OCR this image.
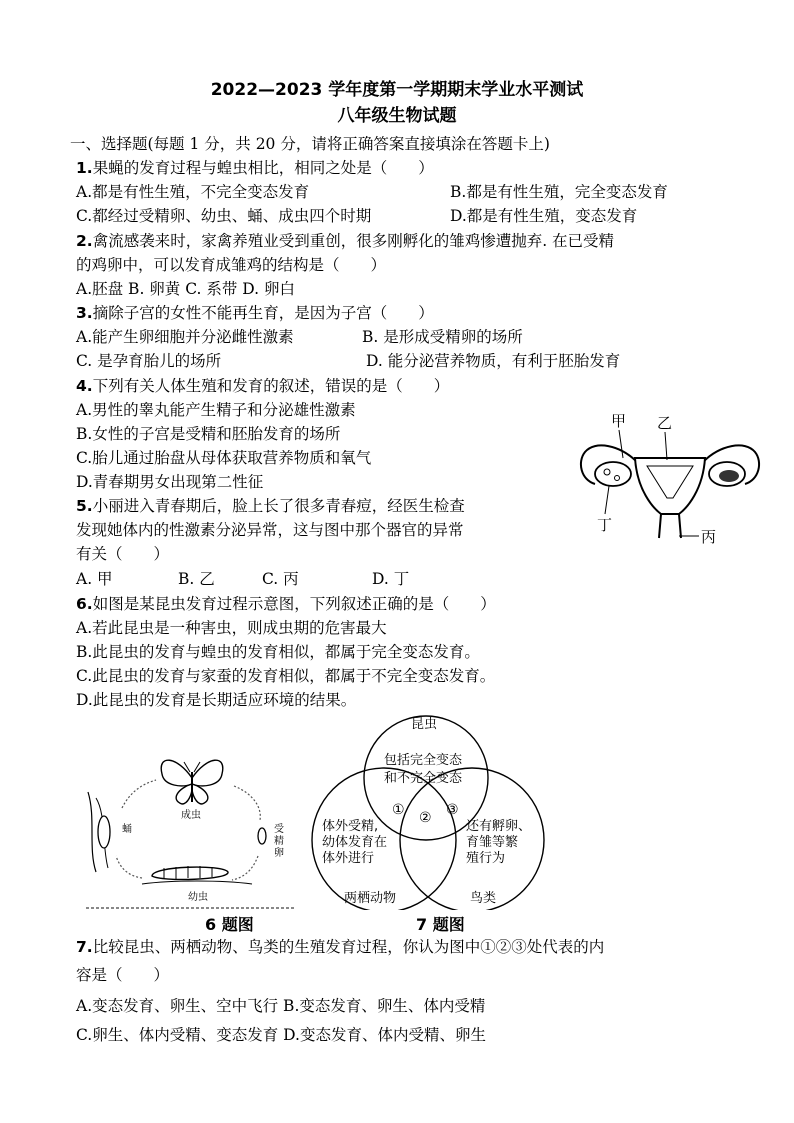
2022—2023 学年度第一学期期末学业水平测试
八年级生物试题
一、选择题(每题 1 分，共 20 分，请将正确答案直接填涂在答题卡上)
1.果蝇的发育过程与蝗虫相比，相同之处是（　　）
A.都是有性生殖，不完全变态发育	B.都是有性生殖，完全变态发育
C.都经过受精卵、幼虫、蛹、成虫四个时期	D.都是有性生殖，变态发育
2.禽流感袭来时，家禽养殖业受到重创，很多刚孵化的雏鸡惨遭抛弃. 在已受精
的鸡卵中，可以发育成雏鸡的结构是（　　）
A.胚盘 B. 卵黄 C. 系带 D. 卵白
3.摘除子宫的女性不能再生育，是因为子宫（　　）
A.能产生卵细胞并分泌雌性激素	B. 是形成受精卵的场所
C. 是孕育胎儿的场所	D. 能分泌营养物质，有利于胚胎发育
4.下列有关人体生殖和发育的叙述，错误的是（　　）
A.男性的睾丸能产生精子和分泌雄性激素
B.女性的子宫是受精和胚胎发育的场所
C.胎儿通过胎盘从母体获取营养物质和氧气
D.青春期男女出现第二性征
5.小丽进入青春期后，脸上长了很多青春痘，经医生检查
发现她体内的性激素分泌异常，这与图中那个器官的异常
有关（　　）
A. 甲	B. 乙	C. 丙	D. 丁
甲 乙
丁
丙
6.如图是某昆虫发育过程示意图，下列叙述正确的是（　　）
A.若此昆虫是一种害虫，则成虫期的危害最大
B.此昆虫的发育与蝗虫的发育相似，都属于完全变态发育。
C.此昆虫的发育与家蚕的发育相似，都属于不完全变态发育。
D.此昆虫的发育是长期适应环境的结果。
成虫
受精卵
幼虫
蛹
6 题图
昆虫
包括完全变态
和不完全变态
① ② ③
体外受精,
幼体发育在
体外进行
还有孵卵、
育雏等繁
殖行为
两栖动物	鸟类
7 题图
7.比较昆虫、两栖动物、鸟类的生殖发育过程，你认为图中①②③处代表的内
容是（　　）
A.变态发育、卵生、空中飞行 B.变态发育、卵生、体内受精
C.卵生、体内受精、变态发育 D.变态发育、体内受精、卵生
